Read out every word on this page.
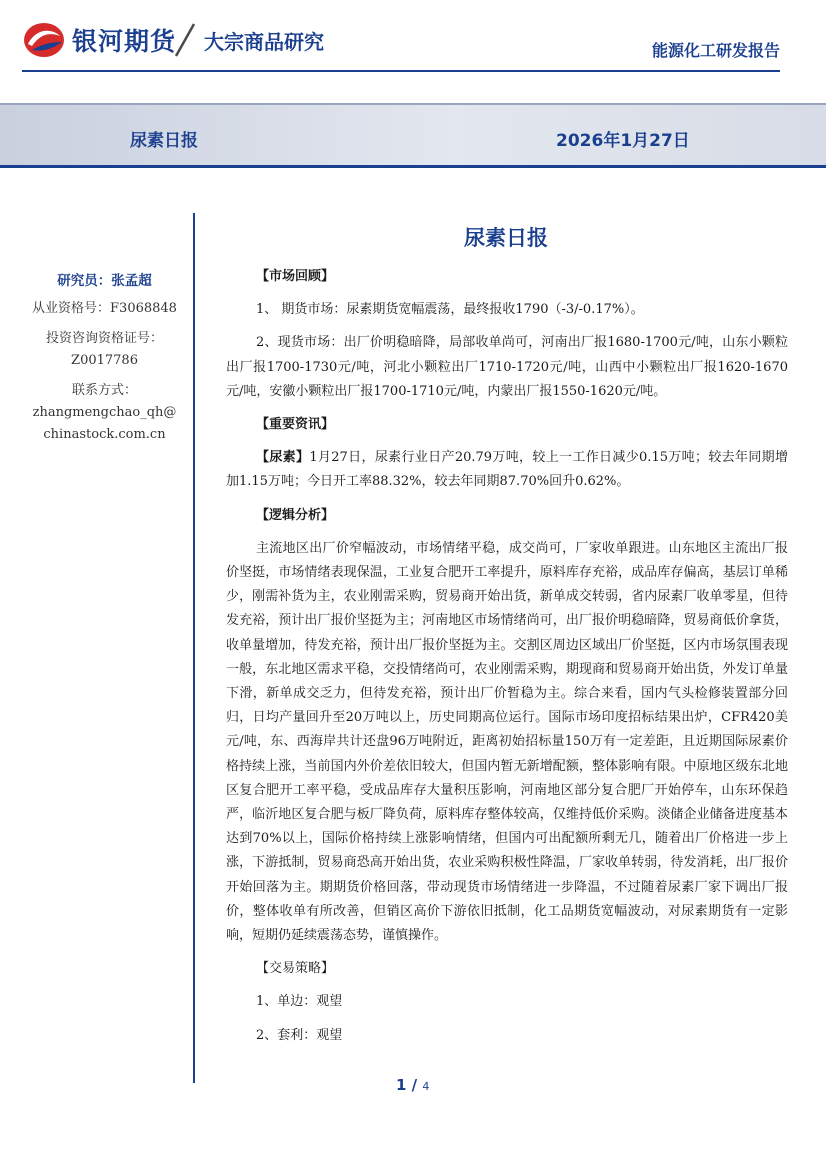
银河期货 大宗商品研究	能源化工研发报告
尿素日报	2026年1月27日
研究员：张孟超
从业资格号：F3068848
投资咨询资格证号：
Z0017786
联系方式：
zhangmengchao_qh@
chinastock.com.cn
尿素日报

【市场回顾】

1、 期货市场：尿素期货宽幅震荡，最终报收1790（-3/-0.17%）。

2、现货市场：出厂价明稳暗降，局部收单尚可，河南出厂报1680-1700元/吨，山东小颗粒出厂报1700-1730元/吨，河北小颗粒出厂1710-1720元/吨，山西中小颗粒出厂报1620-1670元/吨，安徽小颗粒出厂报1700-1710元/吨，内蒙出厂报1550-1620元/吨。

【重要资讯】

【尿素】1月27日，尿素行业日产20.79万吨，较上一工作日减少0.15万吨；较去年同期增加1.15万吨；今日开工率88.32%，较去年同期87.70%回升0.62%。

【逻辑分析】

主流地区出厂价窄幅波动，市场情绪平稳，成交尚可，厂家收单跟进。山东地区主流出厂报价坚挺，市场情绪表现保温，工业复合肥开工率提升，原料库存充裕，成品库存偏高，基层订单稀少，刚需补货为主，农业刚需采购，贸易商开始出货，新单成交转弱，省内尿素厂收单零星，但待发充裕，预计出厂报价坚挺为主；河南地区市场情绪尚可，出厂报价明稳暗降，贸易商低价拿货，收单量增加，待发充裕，预计出厂报价坚挺为主。交割区周边区域出厂价坚挺，区内市场氛围表现一般，东北地区需求平稳，交投情绪尚可，农业刚需采购，期现商和贸易商开始出货，外发订单量下滑，新单成交乏力，但待发充裕，预计出厂价暂稳为主。综合来看，国内气头检修装置部分回归，日均产量回升至20万吨以上，历史同期高位运行。国际市场印度招标结果出炉，CFR420美元/吨，东、西海岸共计还盘96万吨附近，距离初始招标量150万有一定差距，且近期国际尿素价格持续上涨，当前国内外价差依旧较大，但国内暂无新增配额，整体影响有限。中原地区级东北地区复合肥开工率平稳，受成品库存大量积压影响，河南地区部分复合肥厂开始停车，山东环保趋严，临沂地区复合肥与板厂降负荷，原料库存整体较高，仅维持低价采购。淡储企业储备进度基本达到70%以上，国际价格持续上涨影响情绪，但国内可出配额所剩无几，随着出厂价格进一步上涨，下游抵制，贸易商恐高开始出货，农业采购积极性降温，厂家收单转弱，待发消耗，出厂报价开始回落为主。期期货价格回落，带动现货市场情绪进一步降温，不过随着尿素厂家下调出厂报价，整体收单有所改善，但销区高价下游依旧抵制，化工品期货宽幅波动，对尿素期货有一定影响，短期仍延续震荡态势，谨慎操作。

【交易策略】

1、单边：观望

2、套利：观望

1 / 4
